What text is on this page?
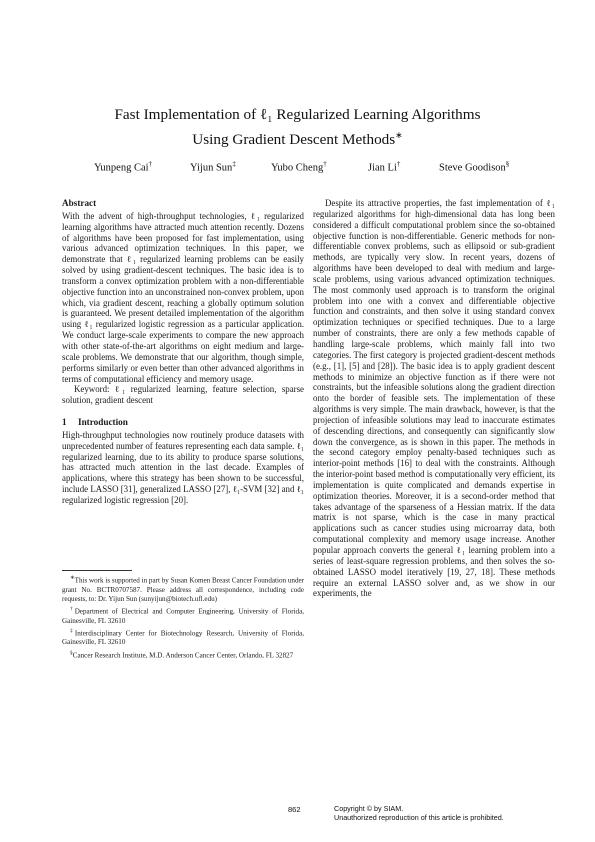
Fast Implementation of ℓ₁ Regularized Learning Algorithms
Using Gradient Descent Methods∗
Yunpeng Cai†	Yijun Sun‡	Yubo Cheng†	Jian Li†	Steve Goodison§
Abstract

With the advent of high-throughput technologies, ℓ₁ regularized learning algorithms have attracted much attention recently. Dozens of algorithms have been proposed for fast implementation, using various advanced optimization techniques. In this paper, we demonstrate that ℓ₁ regularized learning problems can be easily solved by using gradient-descent techniques. The basic idea is to transform a convex optimization problem with a non-differentiable objective function into an unconstrained non-convex problem, upon which, via gradient descent, reaching a globally optimum solution is guaranteed. We present detailed implementation of the algorithm using ℓ₁ regularized logistic regression as a particular application. We conduct large-scale experiments to compare the new approach with other state-of-the-art algorithms on eight medium and large-scale problems. We demonstrate that our algorithm, though simple, performs similarly or even better than other advanced algorithms in terms of computational efficiency and memory usage.

Keyword: ℓ₁ regularized learning, feature selection, sparse solution, gradient descent

1 Introduction

High-throughput technologies now routinely produce datasets with unprecedented number of features representing each data sample. ℓ₁ regularized learning, due to its ability to produce sparse solutions, has attracted much attention in the last decade. Examples of applications, where this strategy has been shown to be successful, include LASSO [31], generalized LASSO [27], ℓ₁-SVM [32] and ℓ₁ regularized logistic regression [20].

∗This work is supported in part by Susan Komen Breast Cancer Foundation under grant No. BCTR0707587. Please address all correspondence, including code requests, to: Dr. Yijun Sun (sunyijun@biotech.ufl.edu)

†Department of Electrical and Computer Engineering, University of Florida, Gainesville, FL 32610

‡Interdisciplinary Center for Biotechnology Research, University of Florida, Gainesville, FL 32610

§Cancer Research Institute, M.D. Anderson Cancer Center, Orlando, FL 32827

Despite its attractive properties, the fast implementation of ℓ₁ regularized algorithms for high-dimensional data has long been considered a difficult computational problem since the so-obtained objective function is non-differentiable. Generic methods for non-differentiable convex problems, such as ellipsoid or sub-gradient methods, are typically very slow. In recent years, dozens of algorithms have been developed to deal with medium and large-scale problems, using various advanced optimization techniques. The most commonly used approach is to transform the original problem into one with a convex and differentiable objective function and constraints, and then solve it using standard convex optimization techniques or specified techniques. Due to a large number of constraints, there are only a few methods capable of handling large-scale problems, which mainly fall into two categories. The first category is projected gradient-descent methods (e.g., [1], [5] and [28]). The basic idea is to apply gradient descent methods to minimize an objective function as if there were not constraints, but the infeasible solutions along the gradient direction onto the border of feasible sets. The implementation of these algorithms is very simple. The main drawback, however, is that the projection of infeasible solutions may lead to inaccurate estimates of descending directions, and consequently can significantly slow down the convergence, as is shown in this paper. The methods in the second category employ penalty-based techniques such as interior-point methods [16] to deal with the constraints. Although the interior-point based method is computationally very efficient, its implementation is quite complicated and demands expertise in optimization theories. Moreover, it is a second-order method that takes advantage of the sparseness of a Hessian matrix. If the data matrix is not sparse, which is the case in many practical applications such as cancer studies using microarray data, both computational complexity and memory usage increase. Another popular approach converts the general ℓ₁ learning problem into a series of least-square regression problems, and then solves the so-obtained LASSO model iteratively [19, 27, 18]. These methods require an external LASSO solver and, as we show in our experiments, the

862	Copyright © by SIAM.
Unauthorized reproduction of this article is prohibited.
